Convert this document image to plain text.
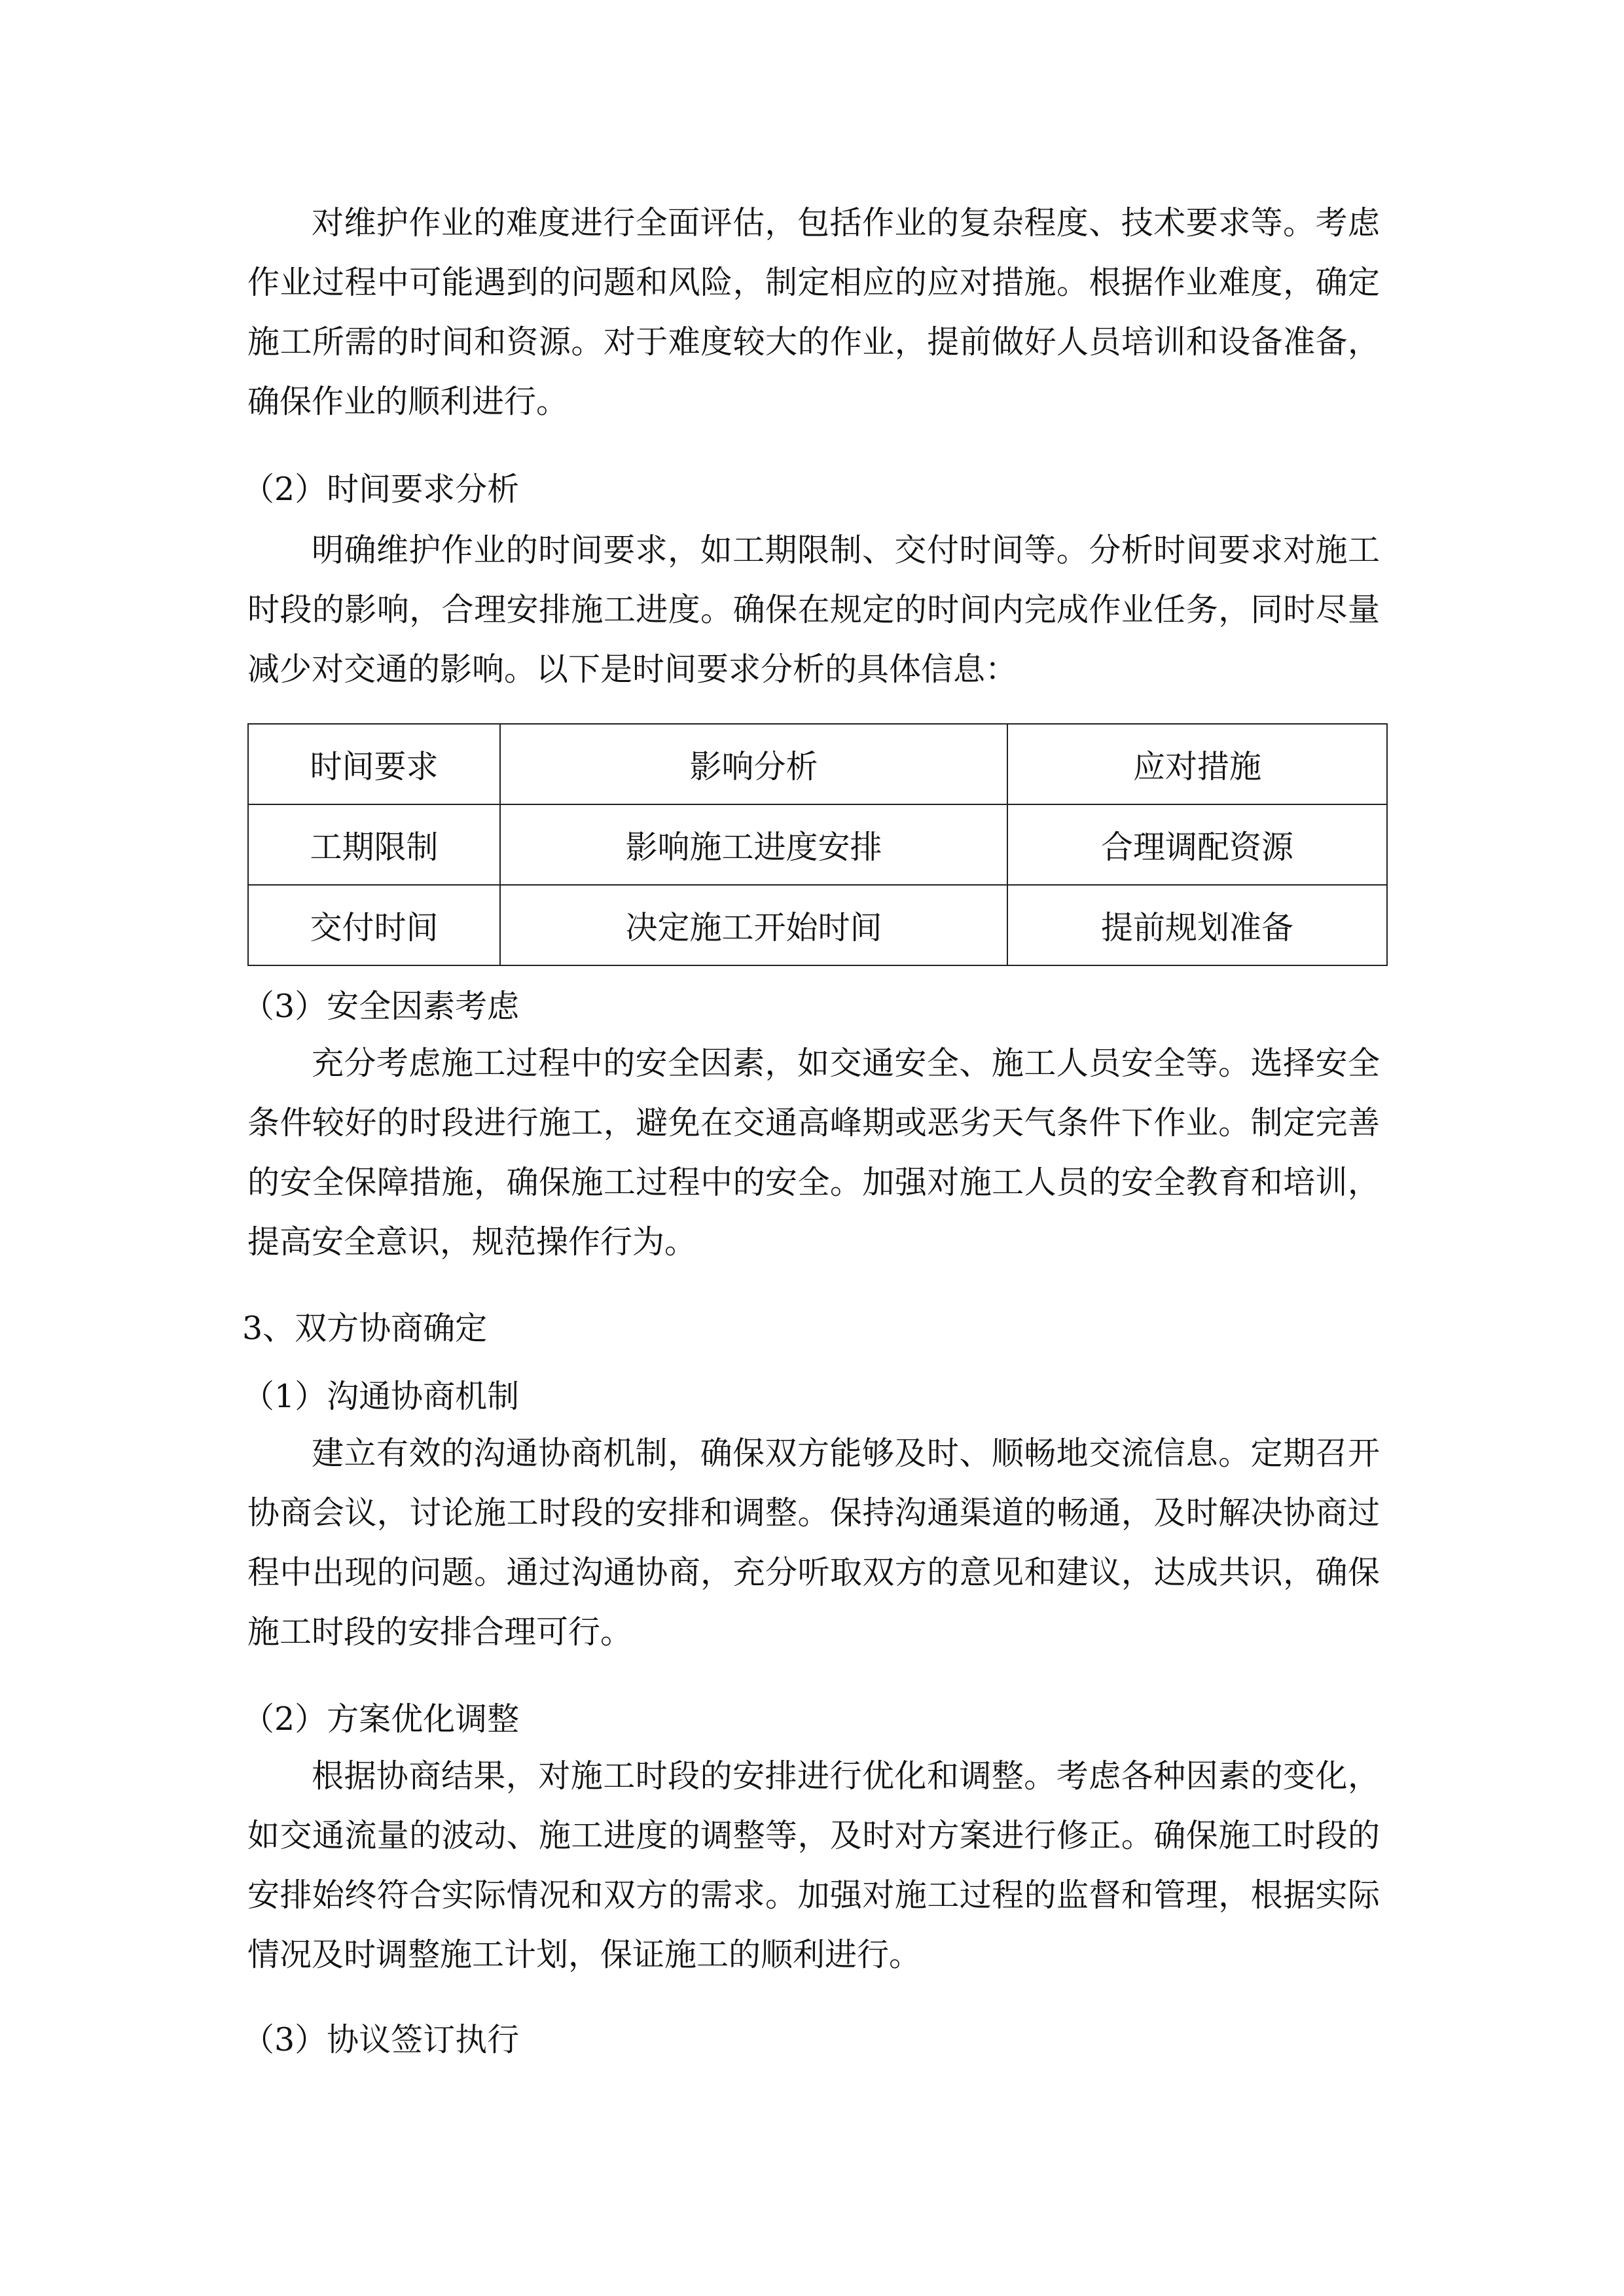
对维护作业的难度进行全面评估，包括作业的复杂程度、技术要求等。考虑作业过程中可能遇到的问题和风险，制定相应的应对措施。根据作业难度，确定施工所需的时间和资源。对于难度较大的作业，提前做好人员培训和设备准备，确保作业的顺利进行。

（2）时间要求分析

明确维护作业的时间要求，如工期限制、交付时间等。分析时间要求对施工时段的影响，合理安排施工进度。确保在规定的时间内完成作业任务，同时尽量减少对交通的影响。以下是时间要求分析的具体信息：

时间要求	影响分析	应对措施
工期限制	影响施工进度安排	合理调配资源
交付时间	决定施工开始时间	提前规划准备
（3）安全因素考虑

充分考虑施工过程中的安全因素，如交通安全、施工人员安全等。选择安全条件较好的时段进行施工，避免在交通高峰期或恶劣天气条件下作业。制定完善的安全保障措施，确保施工过程中的安全。加强对施工人员的安全教育和培训，提高安全意识，规范操作行为。

3、双方协商确定
（1）沟通协商机制

建立有效的沟通协商机制，确保双方能够及时、顺畅地交流信息。定期召开协商会议，讨论施工时段的安排和调整。保持沟通渠道的畅通，及时解决协商过程中出现的问题。通过沟通协商，充分听取双方的意见和建议，达成共识，确保施工时段的安排合理可行。

（2）方案优化调整

根据协商结果，对施工时段的安排进行优化和调整。考虑各种因素的变化，如交通流量的波动、施工进度的调整等，及时对方案进行修正。确保施工时段的安排始终符合实际情况和双方的需求。加强对施工过程的监督和管理，根据实际情况及时调整施工计划，保证施工的顺利进行。

（3）协议签订执行
